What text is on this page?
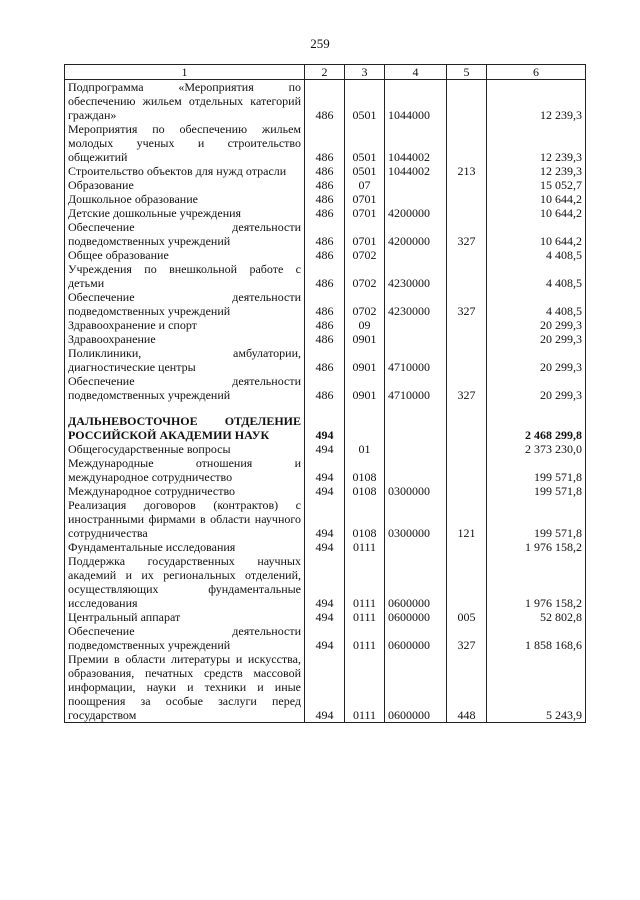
259
1	2	3	4	5	6
Подпрограмма «Мероприятия по обеспечению жильем отдельных категорий граждан»	486	0501	1044000		12 239,3
Мероприятия по обеспечению жильем молодых ученых и строительство общежитий	486	0501	1044002		12 239,3
Строительство объектов для нужд отрасли	486	0501	1044002	213	12 239,3
Образование	486	07			15 052,7
Дошкольное образование	486	0701			10 644,2
Детские дошкольные учреждения	486	0701	4200000		10 644,2
Обеспечение деятельности подведомственных учреждений	486	0701	4200000	327	10 644,2
Общее образование	486	0702			4 408,5
Учреждения по внешкольной работе с детьми	486	0702	4230000		4 408,5
Обеспечение деятельности подведомственных учреждений	486	0702	4230000	327	4 408,5
Здравоохранение и спорт	486	09			20 299,3
Здравоохранение	486	0901			20 299,3
Поликлиники, амбулатории, диагностические центры	486	0901	4710000		20 299,3
Обеспечение деятельности подведомственных учреждений	486	0901	4710000	327	20 299,3
ДАЛЬНЕВОСТОЧНОЕ ОТДЕЛЕНИЕ РОССИЙСКОЙ АКАДЕМИИ НАУК	494				2 468 299,8
Общегосударственные вопросы	494	01			2 373 230,0
Международные отношения и международное сотрудничество	494	0108			199 571,8
Международное сотрудничество	494	0108	0300000		199 571,8
Реализация договоров (контрактов) с иностранными фирмами в области научного сотрудничества	494	0108	0300000	121	199 571,8
Фундаментальные исследования	494	0111			1 976 158,2
Поддержка государственных научных академий и их региональных отделений, осуществляющих фундаментальные исследования	494	0111	0600000		1 976 158,2
Центральный аппарат	494	0111	0600000	005	52 802,8
Обеспечение деятельности подведомственных учреждений	494	0111	0600000	327	1 858 168,6
Премии в области литературы и искусства, образования, печатных средств массовой информации, науки и техники и иные поощрения за особые заслуги перед государством	494	0111	0600000	448	5 243,9
